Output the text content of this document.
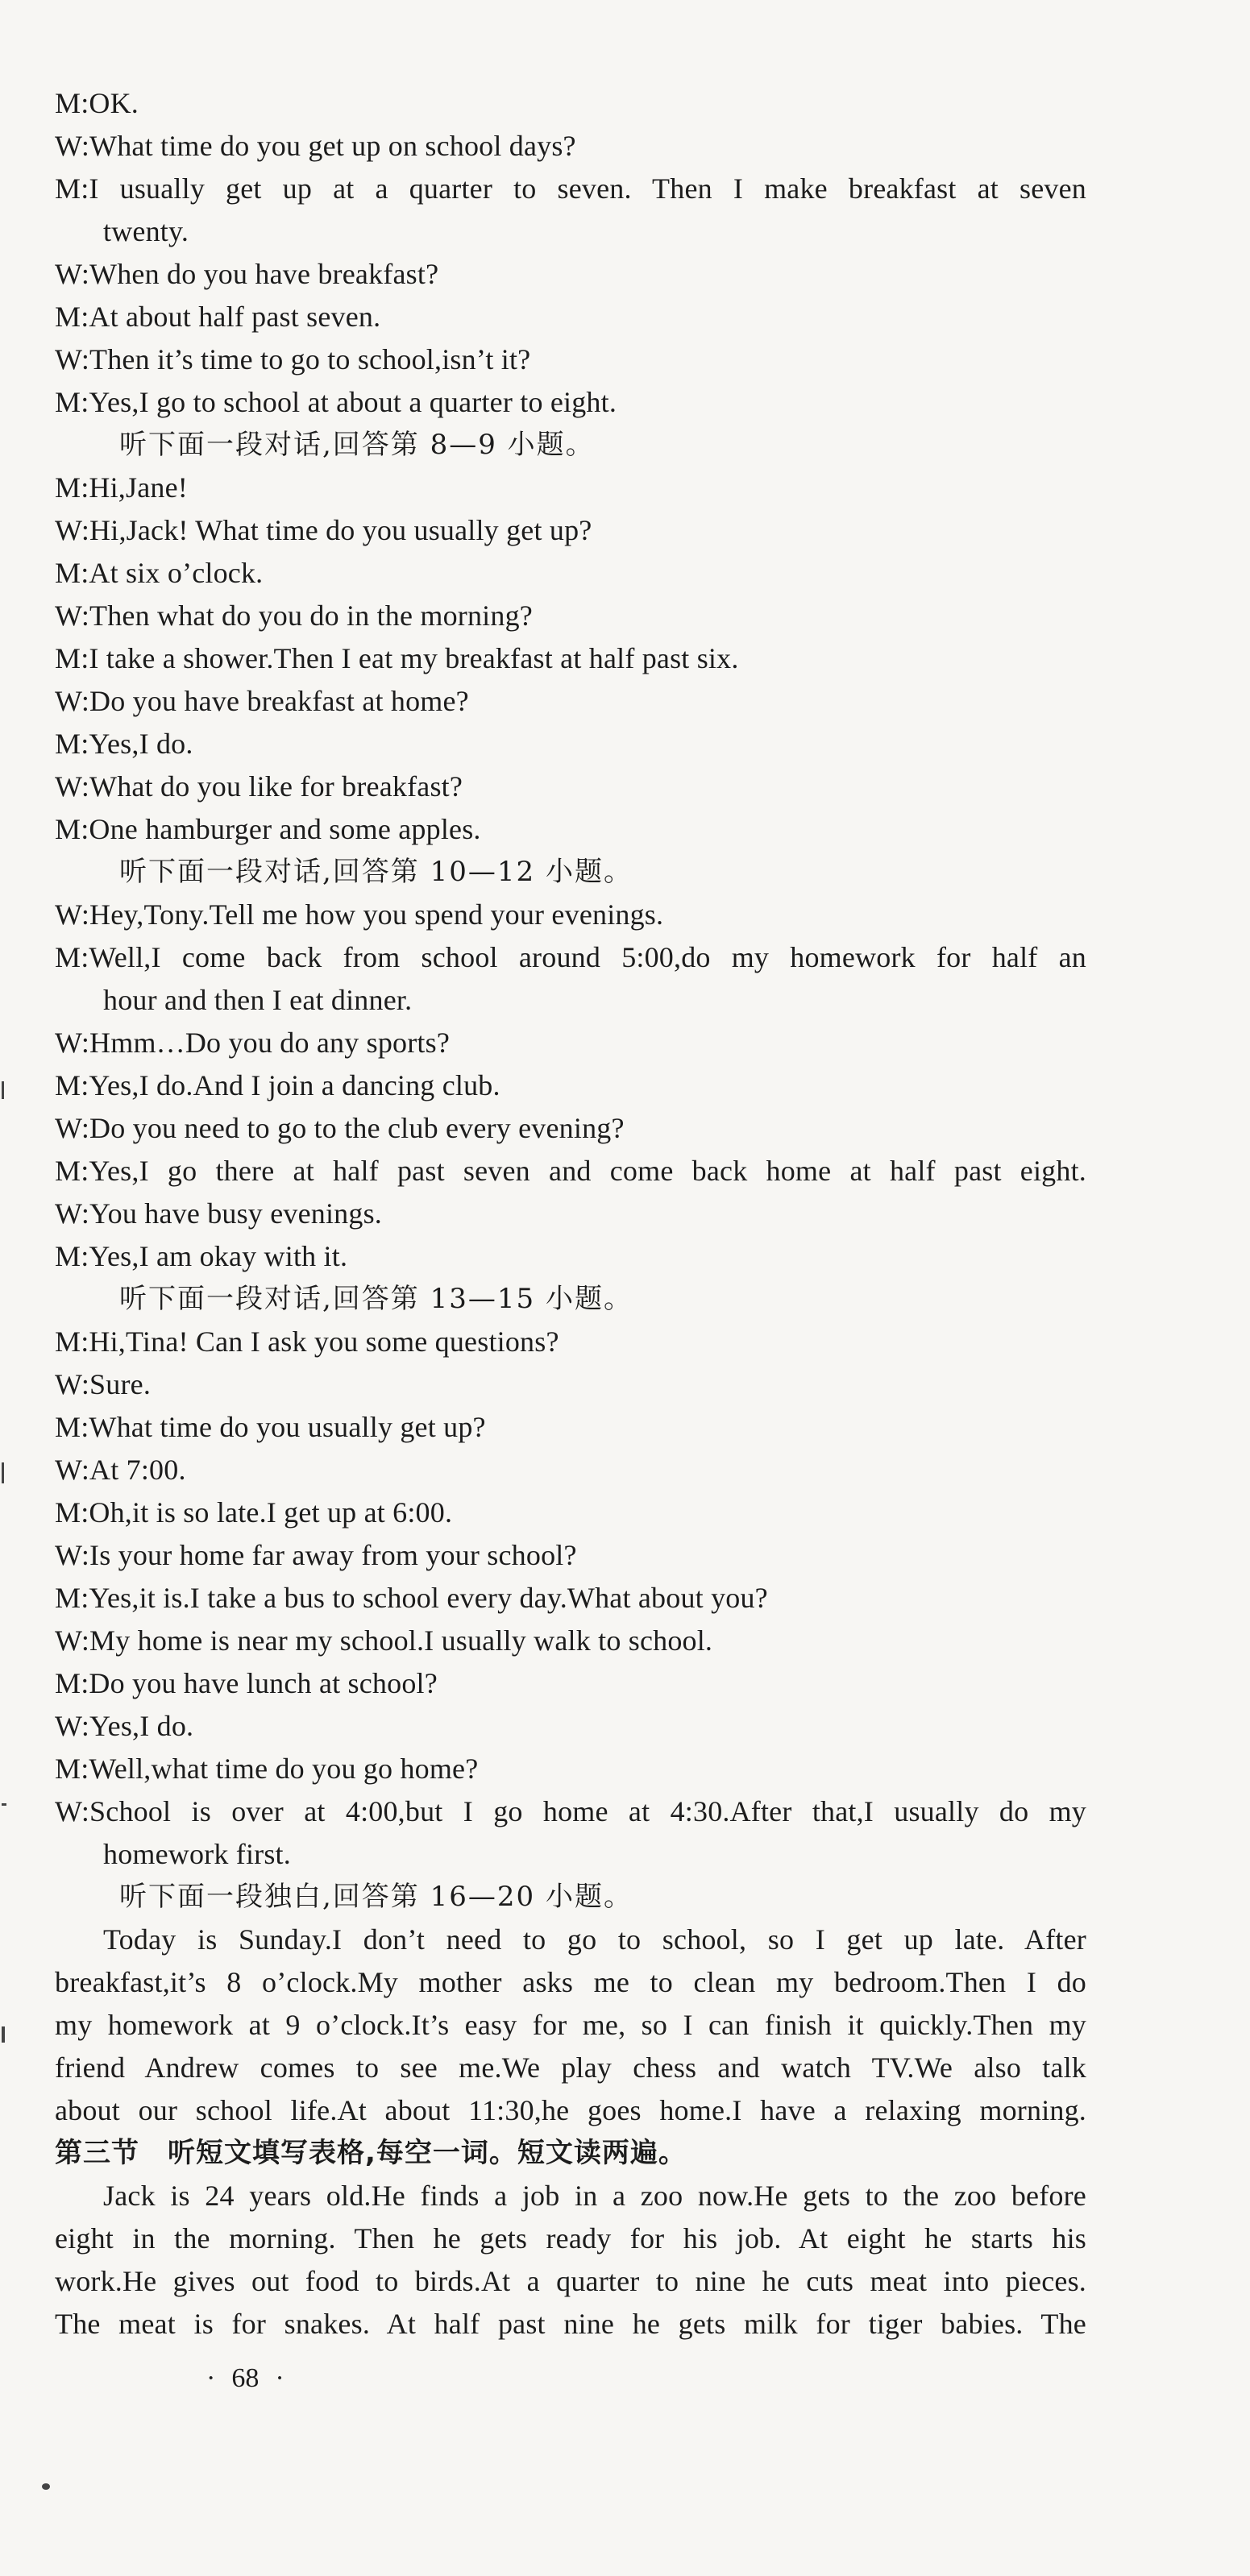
M:OK.
W:What time do you get up on school days?
M:I usually get up at a quarter to seven. Then I make breakfast at seven
twenty.
W:When do you have breakfast?
M:At about half past seven.
W:Then it’s time to go to school,isn’t it?
M:Yes,I go to school at about a quarter to eight.
听下面一段对话,回答第 8—9 小题。
M:Hi,Jane!
W:Hi,Jack! What time do you usually get up?
M:At six o’clock.
W:Then what do you do in the morning?
M:I take a shower.Then I eat my breakfast at half past six.
W:Do you have breakfast at home?
M:Yes,I do.
W:What do you like for breakfast?
M:One hamburger and some apples.
听下面一段对话,回答第 10—12 小题。
W:Hey,Tony.Tell me how you spend your evenings.
M:Well,I come back from school around 5:00,do my homework for half an
hour and then I eat dinner.
W:Hmm…Do you do any sports?
M:Yes,I do.And I join a dancing club.
W:Do you need to go to the club every evening?
M:Yes,I go there at half past seven and come back home at half past eight.
W:You have busy evenings.
M:Yes,I am okay with it.
听下面一段对话,回答第 13—15 小题。
M:Hi,Tina! Can I ask you some questions?
W:Sure.
M:What time do you usually get up?
W:At 7:00.
M:Oh,it is so late.I get up at 6:00.
W:Is your home far away from your school?
M:Yes,it is.I take a bus to school every day.What about you?
W:My home is near my school.I usually walk to school.
M:Do you have lunch at school?
W:Yes,I do.
M:Well,what time do you go home?
W:School is over at 4:00,but I go home at 4:30.After that,I usually do my
homework first.
听下面一段独白,回答第 16—20 小题。
Today is Sunday.I don’t need to go to school, so I get up late. After
breakfast,it’s 8 o’clock.My mother asks me to clean my bedroom.Then I do
my homework at 9 o’clock.It’s easy for me, so I can finish it quickly.Then my
friend Andrew comes to see me.We play chess and watch TV.We also talk
about our school life.At about 11:30,he goes home.I have a relaxing morning.
第三节　听短文填写表格,每空一词。短文读两遍。
Jack is 24 years old.He finds a job in a zoo now.He gets to the zoo before
eight in the morning. Then he gets ready for his job. At eight he starts his
work.He gives out food to birds.At a quarter to nine he cuts meat into pieces.
The meat is for snakes. At half past nine he gets milk for tiger babies. The
· 68 ·
